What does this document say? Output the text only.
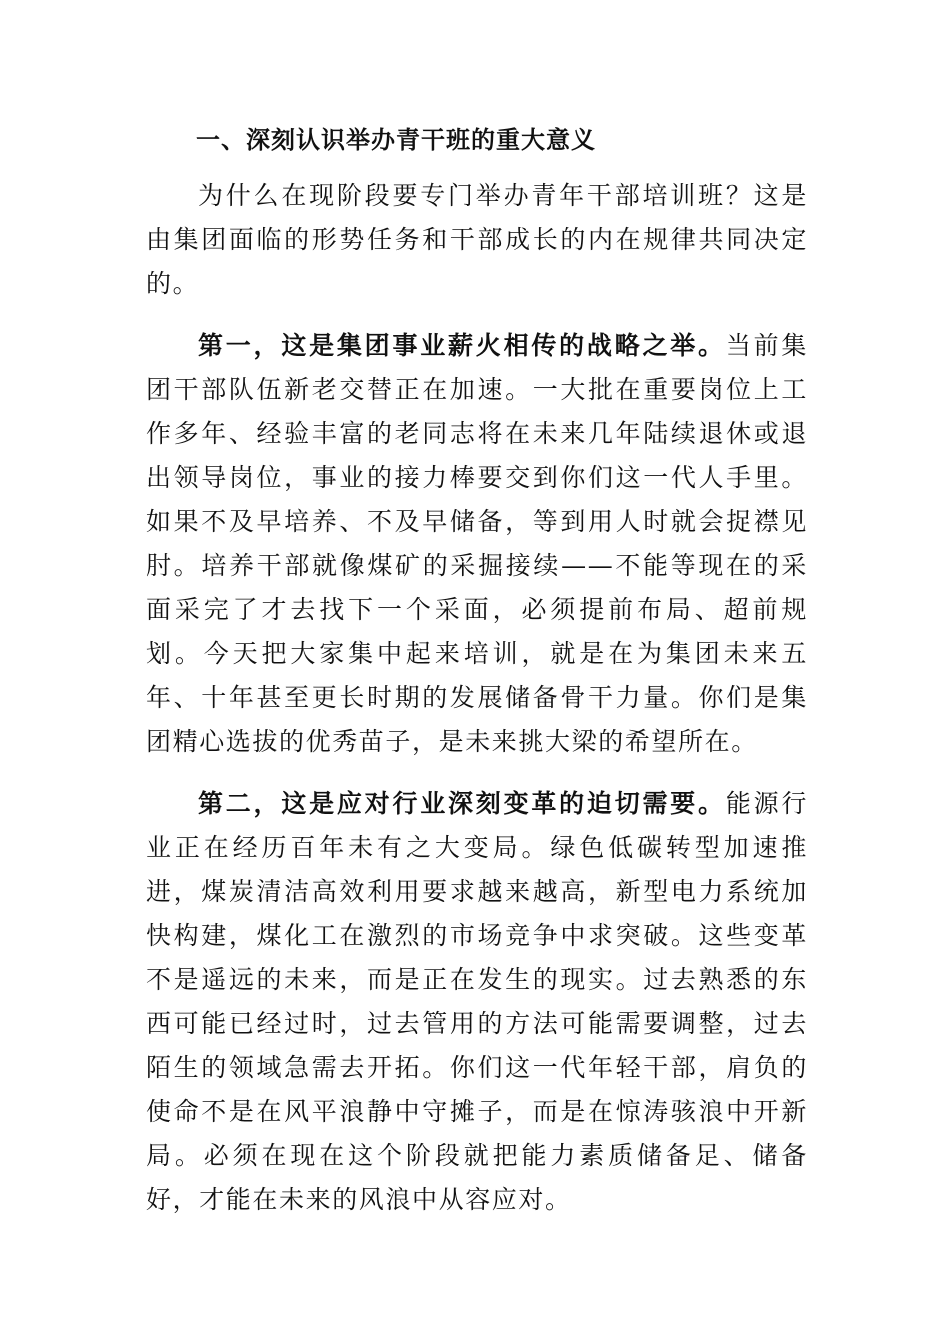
一、深刻认识举办青干班的重大意义

为什么在现阶段要专门举办青年干部培训班？这是由集团面临的形势任务和干部成长的内在规律共同决定的。

第一，这是集团事业薪火相传的战略之举。当前集团干部队伍新老交替正在加速。一大批在重要岗位上工作多年、经验丰富的老同志将在未来几年陆续退休或退出领导岗位，事业的接力棒要交到你们这一代人手里。如果不及早培养、不及早储备，等到用人时就会捉襟见肘。培养干部就像煤矿的采掘接续——不能等现在的采面采完了才去找下一个采面，必须提前布局、超前规划。今天把大家集中起来培训，就是在为集团未来五年、十年甚至更长时期的发展储备骨干力量。你们是集团精心选拔的优秀苗子，是未来挑大梁的希望所在。

第二，这是应对行业深刻变革的迫切需要。能源行业正在经历百年未有之大变局。绿色低碳转型加速推进，煤炭清洁高效利用要求越来越高，新型电力系统加快构建，煤化工在激烈的市场竞争中求突破。这些变革不是遥远的未来，而是正在发生的现实。过去熟悉的东西可能已经过时，过去管用的方法可能需要调整，过去陌生的领域急需去开拓。你们这一代年轻干部，肩负的使命不是在风平浪静中守摊子，而是在惊涛骇浪中开新局。必须在现在这个阶段就把能力素质储备足、储备好，才能在未来的风浪中从容应对。
